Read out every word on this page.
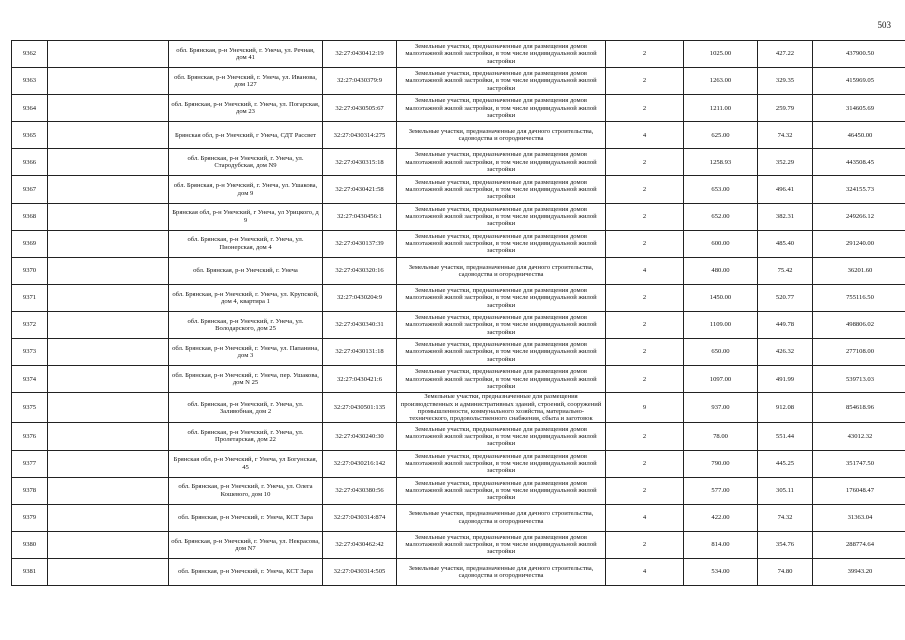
503
9362		обл. Брянская, р-н Унечский, г. Унеча, ул. Речная, дом 41	32:27:0430412:19	Земельные участки, предназначенные для размещения домов малоэтажной жилой застройки, в том числе индивидуальной жилой застройки	2	1025.00	427.22	437900.50
9363		обл. Брянская, р-н Унечский, г. Унеча, ул. Иванова, дом 127	32:27:0430379:9	Земельные участки, предназначенные для размещения домов малоэтажной жилой застройки, в том числе индивидуальной жилой застройки	2	1263.00	329.35	415969.05
9364		обл. Брянская, р-н Унечский, г. Унеча, ул. Погарская, дом 23	32:27:0430505:67	Земельные участки, предназначенные для размещения домов малоэтажной жилой застройки, в том числе индивидуальной жилой застройки	2	1211.00	259.79	314605.69
9365		Брянская обл, р-н Унечский, г Унеча, СДТ Рассвет	32:27:0430314:275	Земельные участки, предназначенные для дачного строительства, садоводства и огородничества	4	625.00	74.32	46450.00
9366		обл. Брянская, р-н Унечский, г. Унеча, ул. Стародубская, дом N9	32:27:0430315:18	Земельные участки, предназначенные для размещения домов малоэтажной жилой застройки, в том числе индивидуальной жилой застройки	2	1258.93	352.29	443508.45
9367		обл. Брянская, р-н Унечский, г. Унеча, ул. Ушакова, дом 9	32:27:0430421:58	Земельные участки, предназначенные для размещения домов малоэтажной жилой застройки, в том числе индивидуальной жилой застройки	2	653.00	496.41	324155.73
9368		Брянская обл, р-н Унечский, г Унеча, ул Урицкого, д 9	32:27:0430456:1	Земельные участки, предназначенные для размещения домов малоэтажной жилой застройки, в том числе индивидуальной жилой застройки	2	652.00	382.31	249266.12
9369		обл. Брянская, р-н Унечский, г. Унеча, ул. Пионерская, дом 4	32:27:0430137:39	Земельные участки, предназначенные для размещения домов малоэтажной жилой застройки, в том числе индивидуальной жилой застройки	2	600.00	485.40	291240.00
9370		обл. Брянская, р-н Унечский, г. Унеча	32:27:0430320:16	Земельные участки, предназначенные для дачного строительства, садоводства и огородничества	4	480.00	75.42	36201.60
9371		обл. Брянская, р-н Унечский, г. Унеча, ул. Крупской, дом 4, квартира 1	32:27:0430204:9	Земельные участки, предназначенные для размещения домов малоэтажной жилой застройки, в том числе индивидуальной жилой застройки	2	1450.00	520.77	755116.50
9372		обл. Брянская, р-н Унечский, г. Унеча, ул. Володарского, дом 25	32:27:0430340:31	Земельные участки, предназначенные для размещения домов малоэтажной жилой застройки, в том числе индивидуальной жилой застройки	2	1109.00	449.78	498806.02
9373		обл. Брянская, р-н Унечский, г. Унеча, ул. Папанина, дом 3	32:27:0430131:18	Земельные участки, предназначенные для размещения домов малоэтажной жилой застройки, в том числе индивидуальной жилой застройки	2	650.00	426.32	277108.00
9374		обл. Брянская, р-н Унечский, г. Унеча, пер. Ушакова, дом N 25	32:27:0430421:6	Земельные участки, предназначенные для размещения домов малоэтажной жилой застройки, в том числе индивидуальной жилой застройки	2	1097.00	491.99	539713.03
9375		обл. Брянская, р-н Унечский, г. Унеча, ул. Заливобная, дом 2	32:27:0430501:135	Земельные участки, предназначенные для размещения производственных и административных зданий, строений, сооружений промышленности, коммунального хозяйства, материально-технического, продовольственного снабжения, сбыта и заготовок	9	937.00	912.08	854618.96
9376		обл. Брянская, р-н Унечский, г. Унеча, ул. Пролетарская, дом 22	32:27:0430240:30	Земельные участки, предназначенные для размещения домов малоэтажной жилой застройки, в том числе индивидуальной жилой застройки	2	78.00	551.44	43012.32
9377		Брянская обл, р-н Унечский, г Унеча, ул Богунская, 45	32:27:0430216:142	Земельные участки, предназначенные для размещения домов малоэтажной жилой застройки, в том числе индивидуальной жилой застройки	2	790.00	445.25	351747.50
9378		обл. Брянская, р-н Унечский, г. Унеча, ул. Олега Кошевого, дом 10	32:27:0430380:56	Земельные участки, предназначенные для размещения домов малоэтажной жилой застройки, в том числе индивидуальной жилой застройки	2	577.00	305.11	176048.47
9379		обл. Брянская, р-н Унечский, г. Унеча, КСТ Зара	32:27:0430314:874	Земельные участки, предназначенные для дачного строительства, садоводства и огородничества	4	422.00	74.32	31363.04
9380		обл. Брянская, р-н Унечский, г. Унеча, ул. Некрасова, дом N7	32:27:0430462:42	Земельные участки, предназначенные для размещения домов малоэтажной жилой застройки, в том числе индивидуальной жилой застройки	2	814.00	354.76	288774.64
9381		обл. Брянская, р-н Унечский, г. Унеча, КСТ Зара	32:27:0430314:505	Земельные участки, предназначенные для дачного строительства, садоводства и огородничества	4	534.00	74.80	39943.20
